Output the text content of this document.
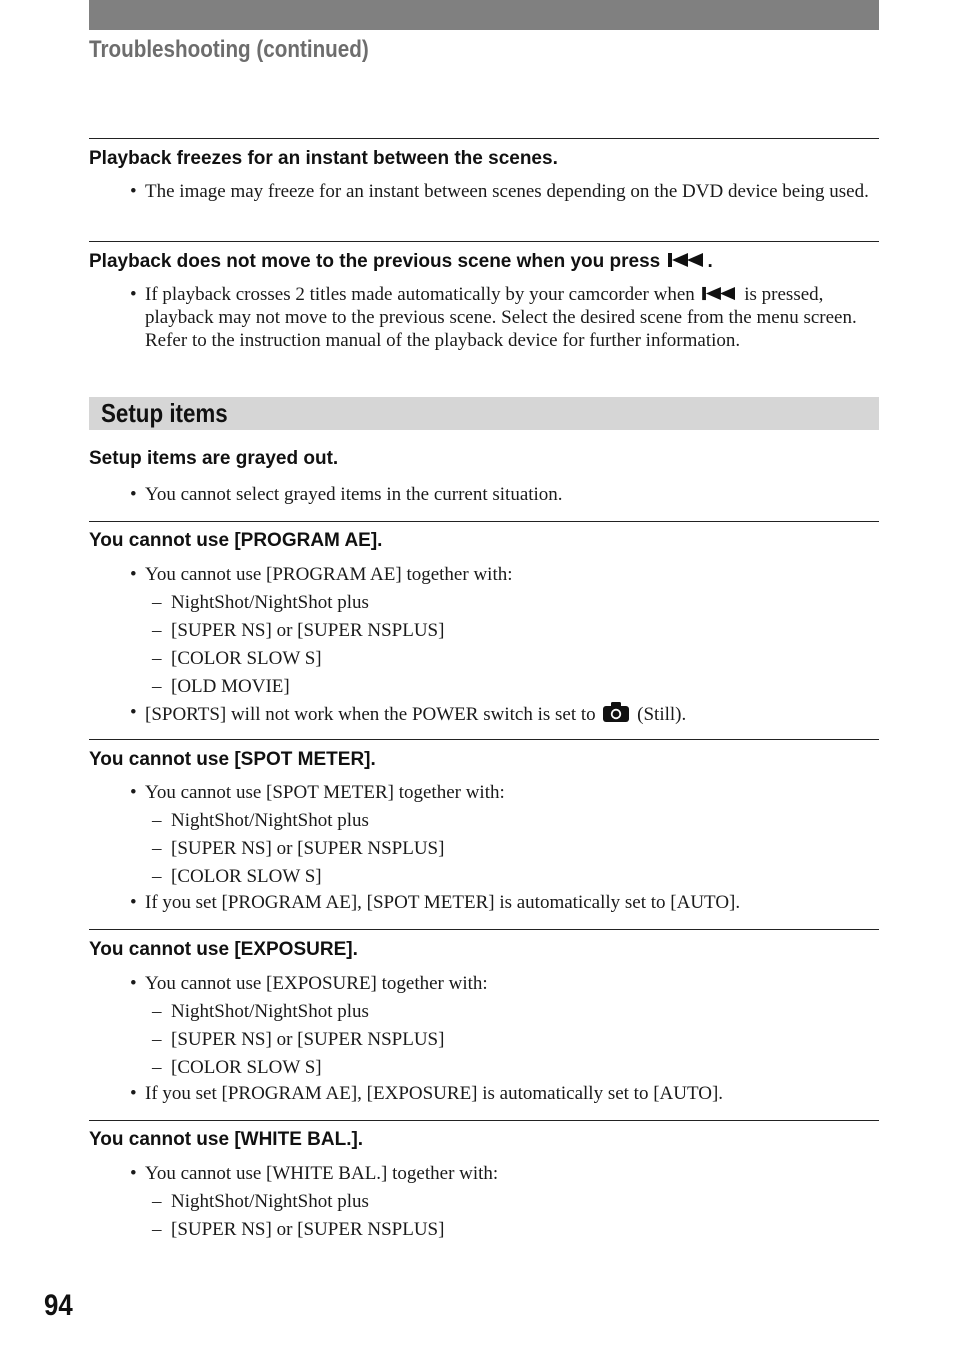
Troubleshooting (continued)
Playback freezes for an instant between the scenes.
• The image may freeze for an instant between scenes depending on the DVD device being used.
Playback does not move to the previous scene when you press .
• If playback crosses 2 titles made automatically by your camcorder when	is pressed, playback may not move to the previous scene. Select the desired scene from the menu screen. Refer to the instruction manual of the playback device for further information.
Setup items
Setup items are grayed out.
• You cannot select grayed items in the current situation.
You cannot use [PROGRAM AE].
• You cannot use [PROGRAM AE] together with:
– NightShot/NightShot plus
– [SUPER NS] or [SUPER NSPLUS]
– [COLOR SLOW S]
– [OLD MOVIE]
• [SPORTS] will not work when the POWER switch is set to (Still).
You cannot use [SPOT METER].
• You cannot use [SPOT METER] together with:
– NightShot/NightShot plus
– [SUPER NS] or [SUPER NSPLUS]
– [COLOR SLOW S]
• If you set [PROGRAM AE], [SPOT METER] is automatically set to [AUTO].
You cannot use [EXPOSURE].
• You cannot use [EXPOSURE] together with:
– NightShot/NightShot plus
– [SUPER NS] or [SUPER NSPLUS]
– [COLOR SLOW S]
• If you set [PROGRAM AE], [EXPOSURE] is automatically set to [AUTO].
You cannot use [WHITE BAL.].
• You cannot use [WHITE BAL.] together with:
– NightShot/NightShot plus
– [SUPER NS] or [SUPER NSPLUS]
94
